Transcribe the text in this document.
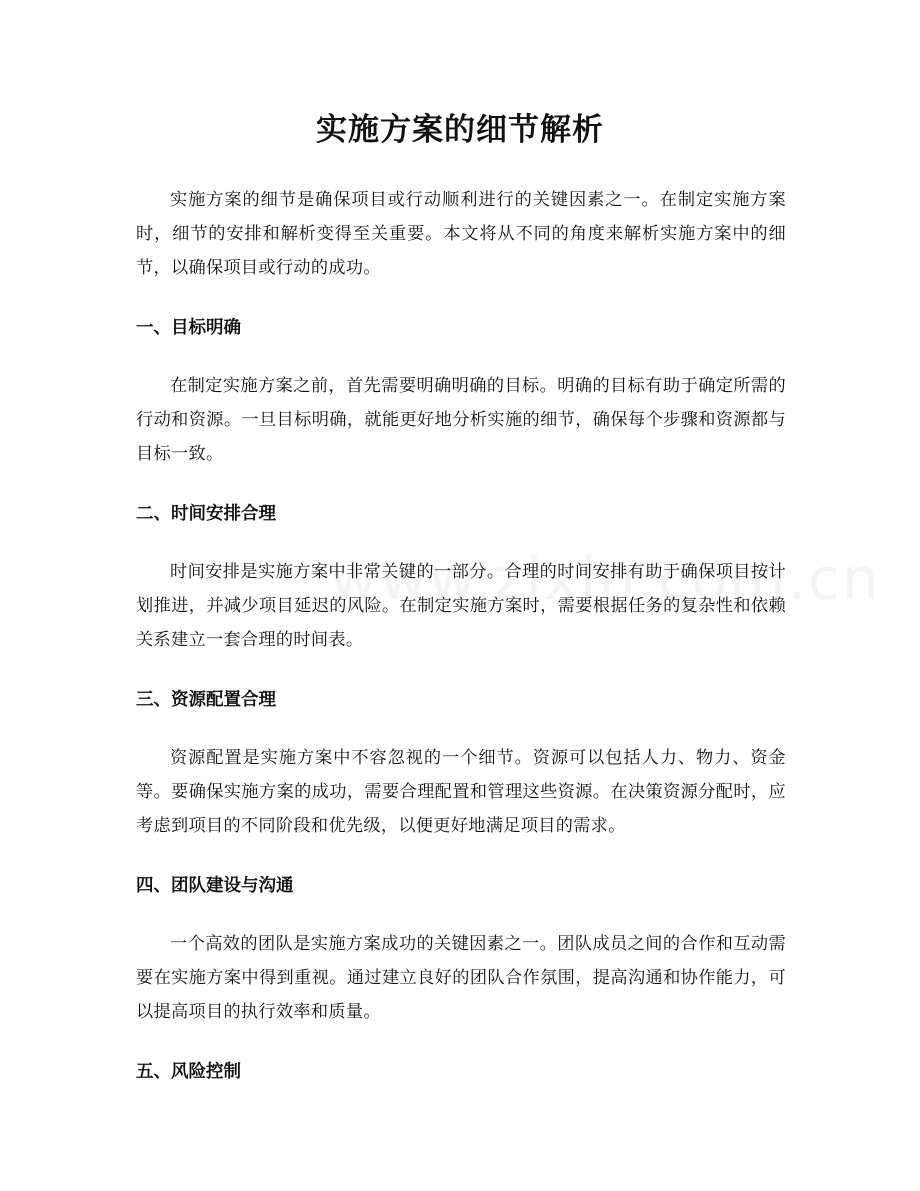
实施方案的细节解析

实施方案的细节是确保项目或行动顺利进行的关键因素之一。在制定实施方案时，细节的安排和解析变得至关重要。本文将从不同的角度来解析实施方案中的细节，以确保项目或行动的成功。

一、目标明确

在制定实施方案之前，首先需要明确明确的目标。明确的目标有助于确定所需的行动和资源。一旦目标明确，就能更好地分析实施的细节，确保每个步骤和资源都与目标一致。

二、时间安排合理

时间安排是实施方案中非常关键的一部分。合理的时间安排有助于确保项目按计划推进，并减少项目延迟的风险。在制定实施方案时，需要根据任务的复杂性和依赖关系建立一套合理的时间表。

三、资源配置合理

资源配置是实施方案中不容忽视的一个细节。资源可以包括人力、物力、资金等。要确保实施方案的成功，需要合理配置和管理这些资源。在决策资源分配时，应考虑到项目的不同阶段和优先级，以便更好地满足项目的需求。

四、团队建设与沟通

一个高效的团队是实施方案成功的关键因素之一。团队成员之间的合作和互动需要在实施方案中得到重视。通过建立良好的团队合作氛围，提高沟通和协作能力，可以提高项目的执行效率和质量。

五、风险控制
